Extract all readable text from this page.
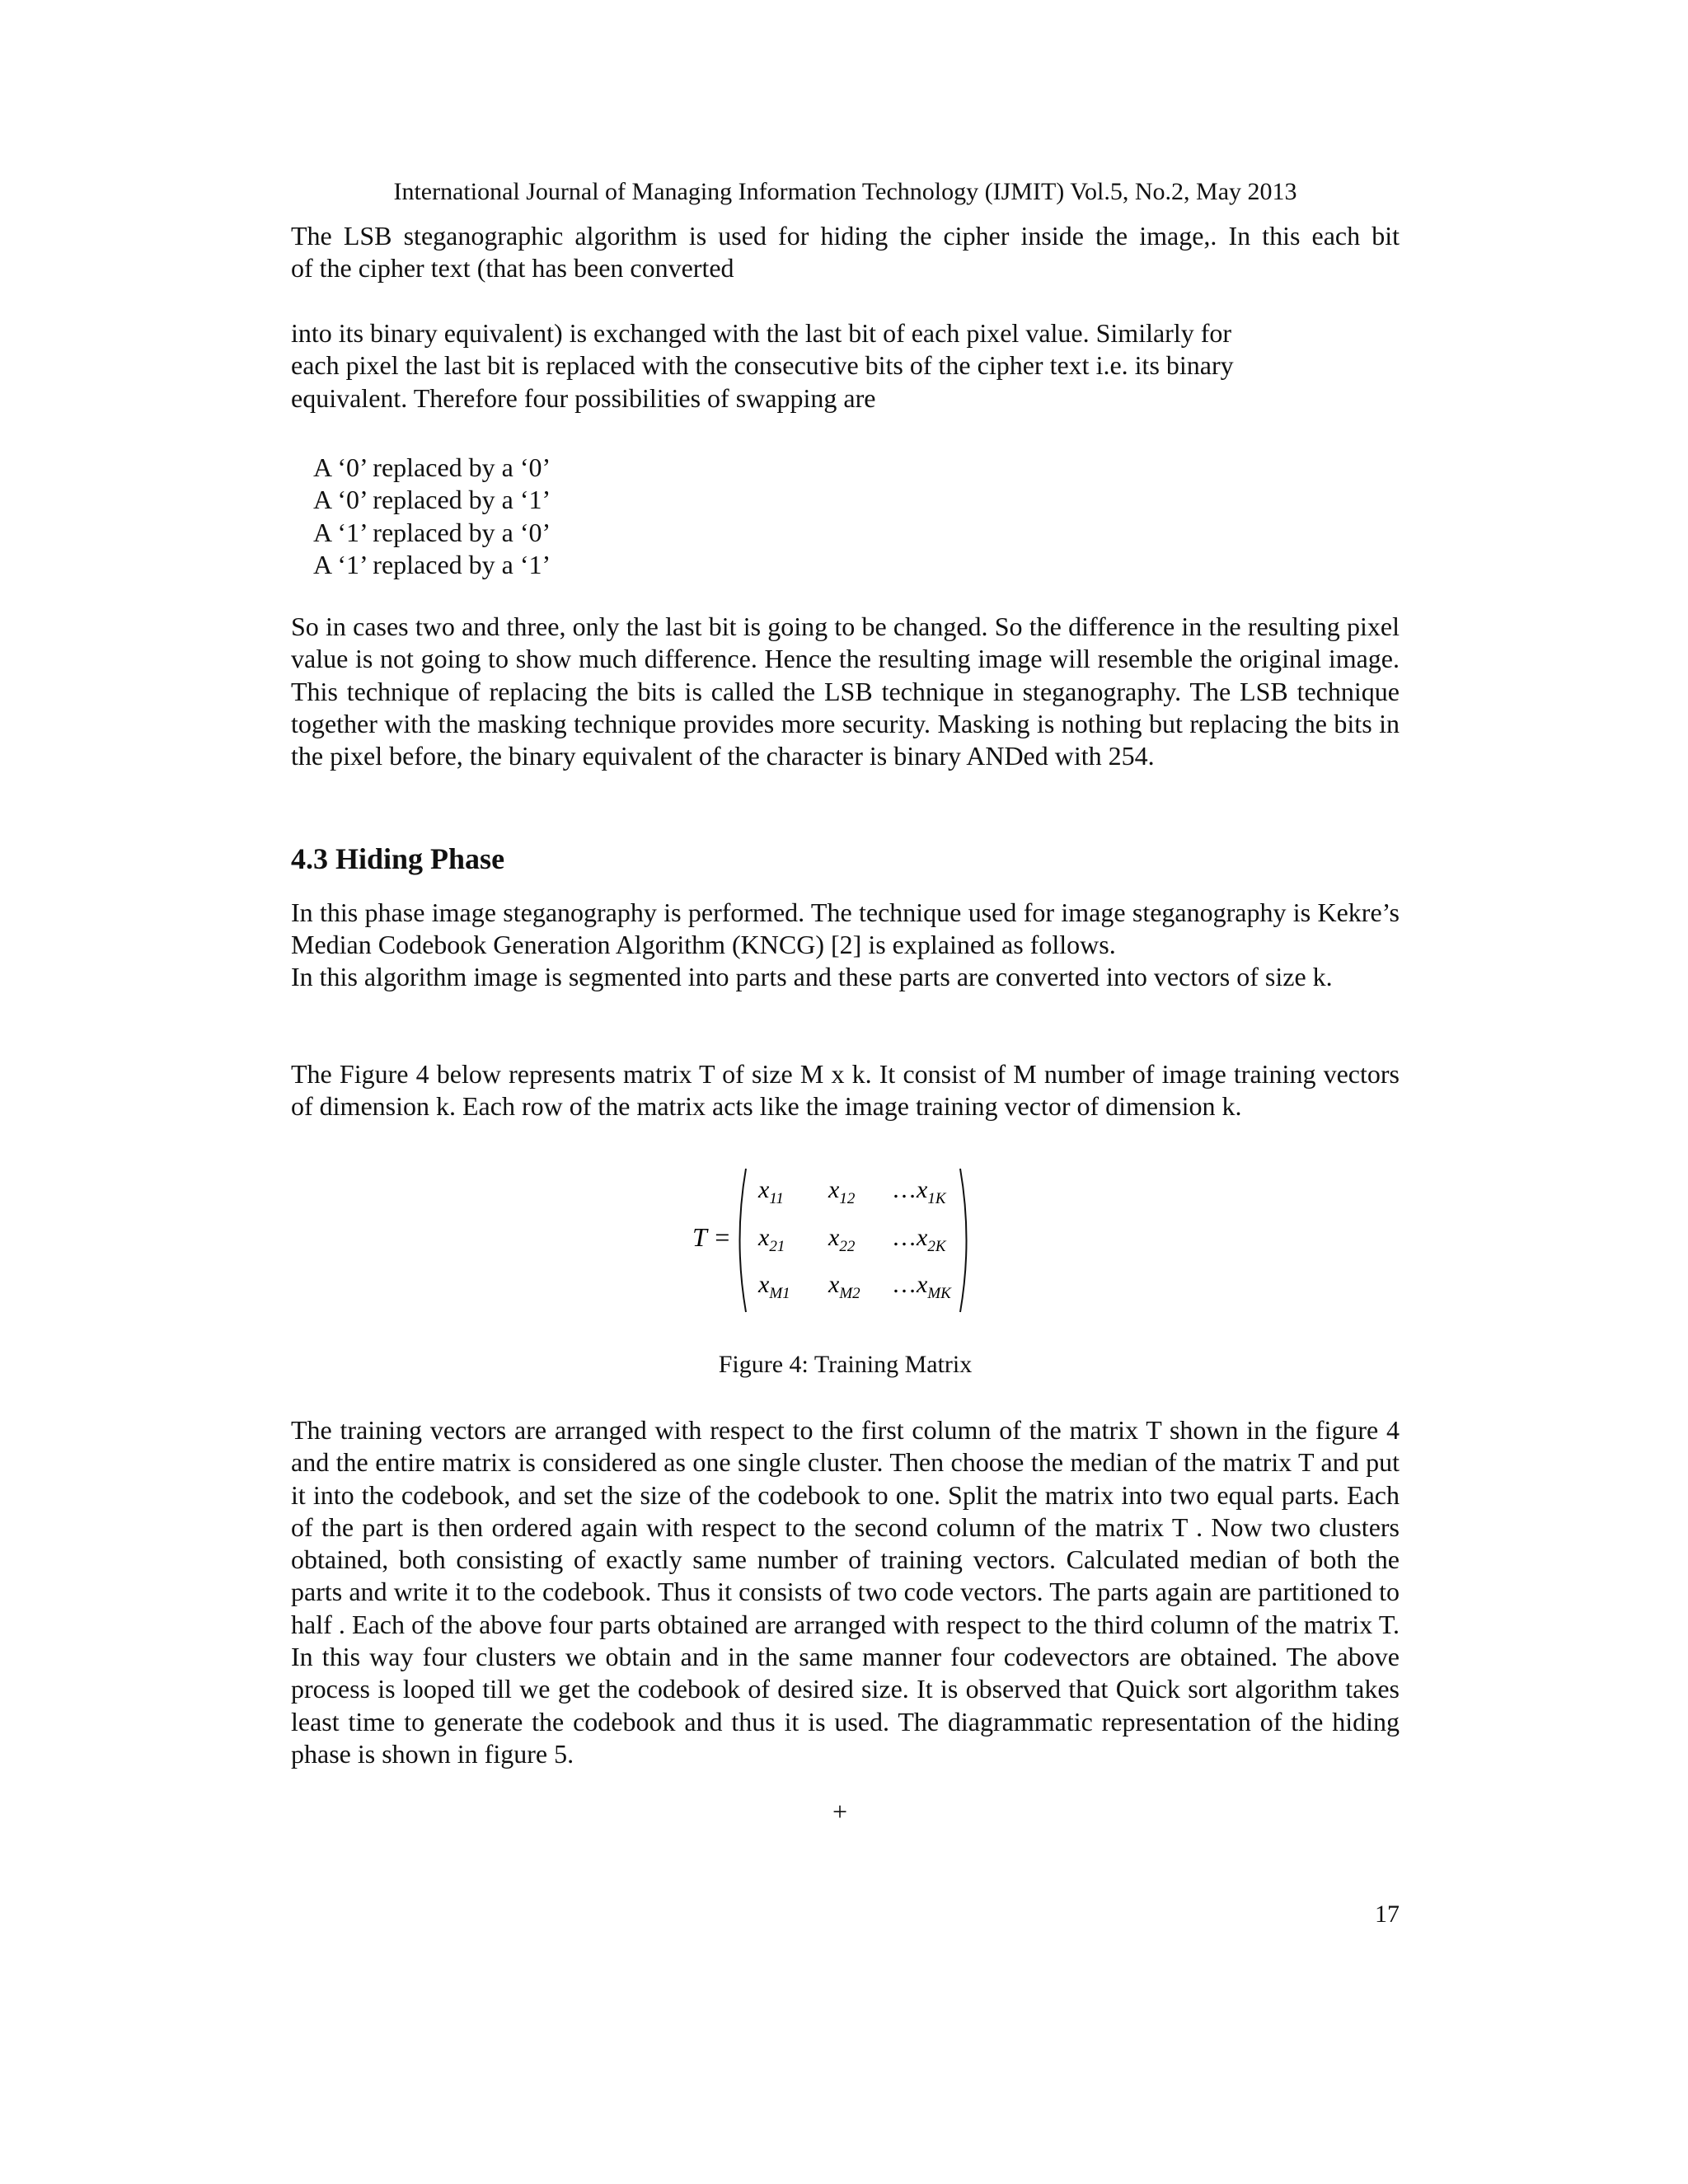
International Journal of Managing Information Technology (IJMIT) Vol.5, No.2, May 2013
The LSB steganographic algorithm is used for hiding the cipher inside the image,. In this each bit
of the cipher text (that has been converted
into its binary equivalent) is exchanged with the last bit of each pixel value. Similarly for
each pixel the last bit is replaced with the consecutive bits of the cipher text i.e. its binary
equivalent. Therefore four possibilities of swapping are
A ‘0’ replaced by a ‘0’
A ‘0’ replaced by a ‘1’
A ‘1’ replaced by a ‘0’
A ‘1’ replaced by a ‘1’

So in cases two and three, only the last bit is going to be changed. So the difference in the resulting pixel value is not going to show much difference. Hence the resulting image will resemble the original image. This technique of replacing the bits is called the LSB technique in steganography. The LSB technique together with the masking technique provides more security. Masking is nothing but replacing the bits in the pixel before, the binary equivalent of the character is binary ANDed with 254.

4.3 Hiding Phase

In this phase image steganography is performed. The technique used for image steganography is Kekre’s Median Codebook Generation Algorithm (KNCG) [2] is explained as follows.

In this algorithm image is segmented into parts and these parts are converted into vectors of size k.

The Figure 4 below represents matrix T of size M x k. It consist of M number of image training vectors of dimension k. Each row of the matrix acts like the image training vector of dimension k.

T =
$x_{11}$ $x_{12}$ $\dots x_{1K}$
$x_{21}$ $x_{22}$ $\dots x_{2K}$
$x_{M1}$ $x_{M2}$ $\dots x_{MK}$
Figure 4: Training Matrix

The training vectors are arranged with respect to the first column of the matrix T shown in the figure 4 and the entire matrix is considered as one single cluster. Then choose the median of the matrix T and put it into the codebook, and set the size of the codebook to one. Split the matrix into two equal parts. Each of the part is then ordered again with respect to the second column of the matrix T . Now two clusters obtained, both consisting of exactly same number of training vectors. Calculated median of both the parts and write it to the codebook. Thus it consists of two code vectors. The parts again are partitioned to half . Each of the above four parts obtained are arranged with respect to the third column of the matrix T. In this way four clusters we obtain and in the same manner four codevectors are obtained. The above process is looped till we get the codebook of desired size. It is observed that Quick sort algorithm takes least time to generate the codebook and thus it is used. The diagrammatic representation of the hiding phase is shown in figure 5.

+
17
